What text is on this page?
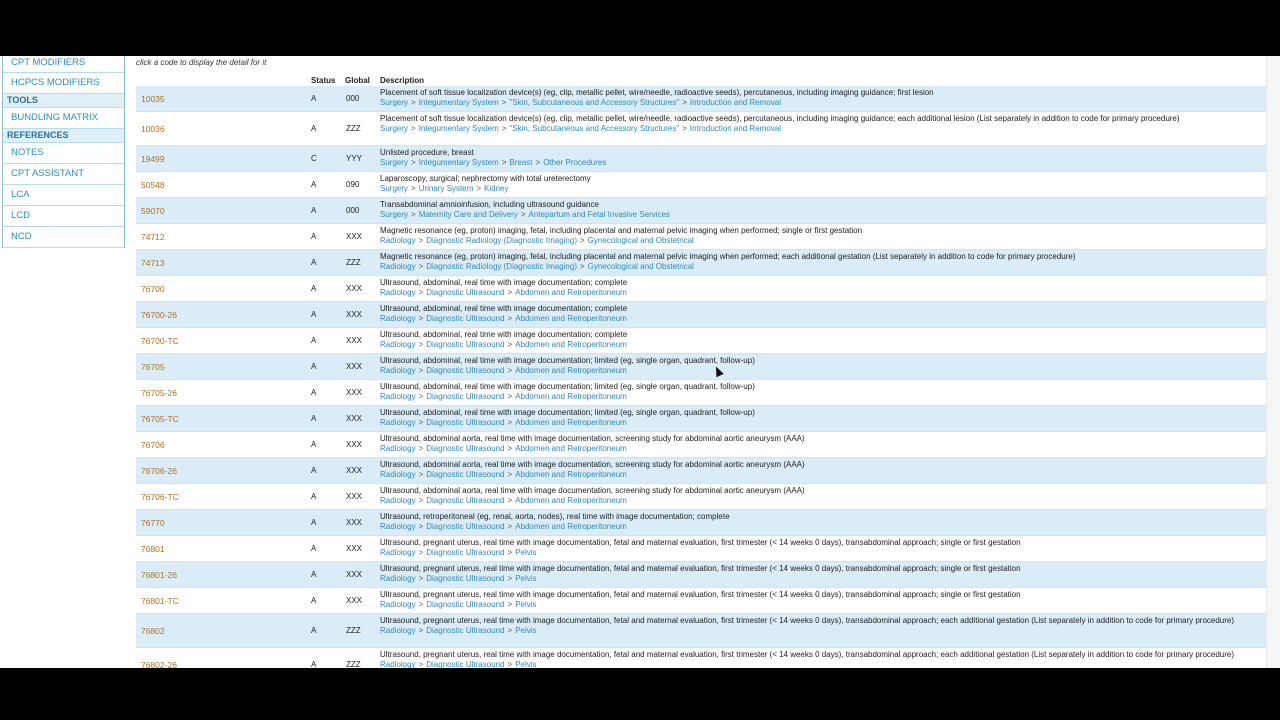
CPT MODIFIERS
HCPCS MODIFIERS
TOOLS
BUNDLING MATRIX
REFERENCES
NOTES
CPT ASSISTANT
LCA
LCD
NCD
click a code to display the detail for it
Status Global Description
10035	A	000
Placement of soft tissue localization device(s) (eg, clip, metallic pellet, wire/needle, radioactive seeds), percutaneous, including imaging guidance; first lesion
Surgery > Integumentary System > "Skin, Subcutaneous and Accessory Structures" > Introduction and Removal
10036	A	ZZZ
Placement of soft tissue localization device(s) (eg, clip, metallic pellet, wire/needle, radioactive seeds), percutaneous, including imaging guidance; each additional lesion (List separately in addition to code for primary procedure)
Surgery > Integumentary System > "Skin, Subcutaneous and Accessory Structures" > Introduction and Removal
19499	C	YYY
Unlisted procedure, breast
Surgery > Integumentary System > Breast > Other Procedures
50548	A	090
Laparoscopy, surgical; nephrectomy with total ureterectomy
Surgery > Urinary System > Kidney
59070	A	000
Transabdominal amnioinfusion, including ultrasound guidance
Surgery > Maternity Care and Delivery > Antepartum and Fetal Invasive Services
74712	A	XXX
Magnetic resonance (eg, proton) imaging, fetal, including placental and maternal pelvic imaging when performed; single or first gestation
Radiology > Diagnostic Radiology (Diagnostic Imaging) > Gynecological and Obstetrical
74713	A	ZZZ
Magnetic resonance (eg, proton) imaging, fetal, including placental and maternal pelvic imaging when performed; each additional gestation (List separately in addition to code for primary procedure)
Radiology > Diagnostic Radiology (Diagnostic Imaging) > Gynecological and Obstetrical
76700	A	XXX
Ultrasound, abdominal, real time with image documentation; complete
Radiology > Diagnostic Ultrasound > Abdomen and Retroperitoneum
76700-26	A	XXX
Ultrasound, abdominal, real time with image documentation; complete
Radiology > Diagnostic Ultrasound > Abdomen and Retroperitoneum
76700-TC	A	XXX
Ultrasound, abdominal, real time with image documentation; complete
Radiology > Diagnostic Ultrasound > Abdomen and Retroperitoneum
76705	A	XXX
Ultrasound, abdominal, real time with image documentation; limited (eg, single organ, quadrant, follow-up)
Radiology > Diagnostic Ultrasound > Abdomen and Retroperitoneum
76705-26	A	XXX
Ultrasound, abdominal, real time with image documentation; limited (eg, single organ, quadrant, follow-up)
Radiology > Diagnostic Ultrasound > Abdomen and Retroperitoneum
76705-TC	A	XXX
Ultrasound, abdominal, real time with image documentation; limited (eg, single organ, quadrant, follow-up)
Radiology > Diagnostic Ultrasound > Abdomen and Retroperitoneum
76706	A	XXX
Ultrasound, abdominal aorta, real time with image documentation, screening study for abdominal aortic aneurysm (AAA)
Radiology > Diagnostic Ultrasound > Abdomen and Retroperitoneum
76706-26	A	XXX
Ultrasound, abdominal aorta, real time with image documentation, screening study for abdominal aortic aneurysm (AAA)
Radiology > Diagnostic Ultrasound > Abdomen and Retroperitoneum
76706-TC	A	XXX
Ultrasound, abdominal aorta, real time with image documentation, screening study for abdominal aortic aneurysm (AAA)
Radiology > Diagnostic Ultrasound > Abdomen and Retroperitoneum
76770	A	XXX
Ultrasound, retroperitoneal (eg, renal, aorta, nodes), real time with image documentation; complete
Radiology > Diagnostic Ultrasound > Abdomen and Retroperitoneum
76801	A	XXX
Ultrasound, pregnant uterus, real time with image documentation, fetal and maternal evaluation, first trimester (< 14 weeks 0 days), transabdominal approach; single or first gestation
Radiology > Diagnostic Ultrasound > Pelvis
76801-26	A	XXX
Ultrasound, pregnant uterus, real time with image documentation, fetal and maternal evaluation, first trimester (< 14 weeks 0 days), transabdominal approach; single or first gestation
Radiology > Diagnostic Ultrasound > Pelvis
76801-TC	A	XXX
Ultrasound, pregnant uterus, real time with image documentation, fetal and maternal evaluation, first trimester (< 14 weeks 0 days), transabdominal approach; single or first gestation
Radiology > Diagnostic Ultrasound > Pelvis
76802	A	ZZZ
Ultrasound, pregnant uterus, real time with image documentation, fetal and maternal evaluation, first trimester (< 14 weeks 0 days), transabdominal approach; each additional gestation (List separately in addition to code for primary procedure)
Radiology > Diagnostic Ultrasound > Pelvis
76802-26	A	ZZZ
Ultrasound, pregnant uterus, real time with image documentation, fetal and maternal evaluation, first trimester (< 14 weeks 0 days), transabdominal approach; each additional gestation (List separately in addition to code for primary procedure)
Radiology > Diagnostic Ultrasound > Pelvis
